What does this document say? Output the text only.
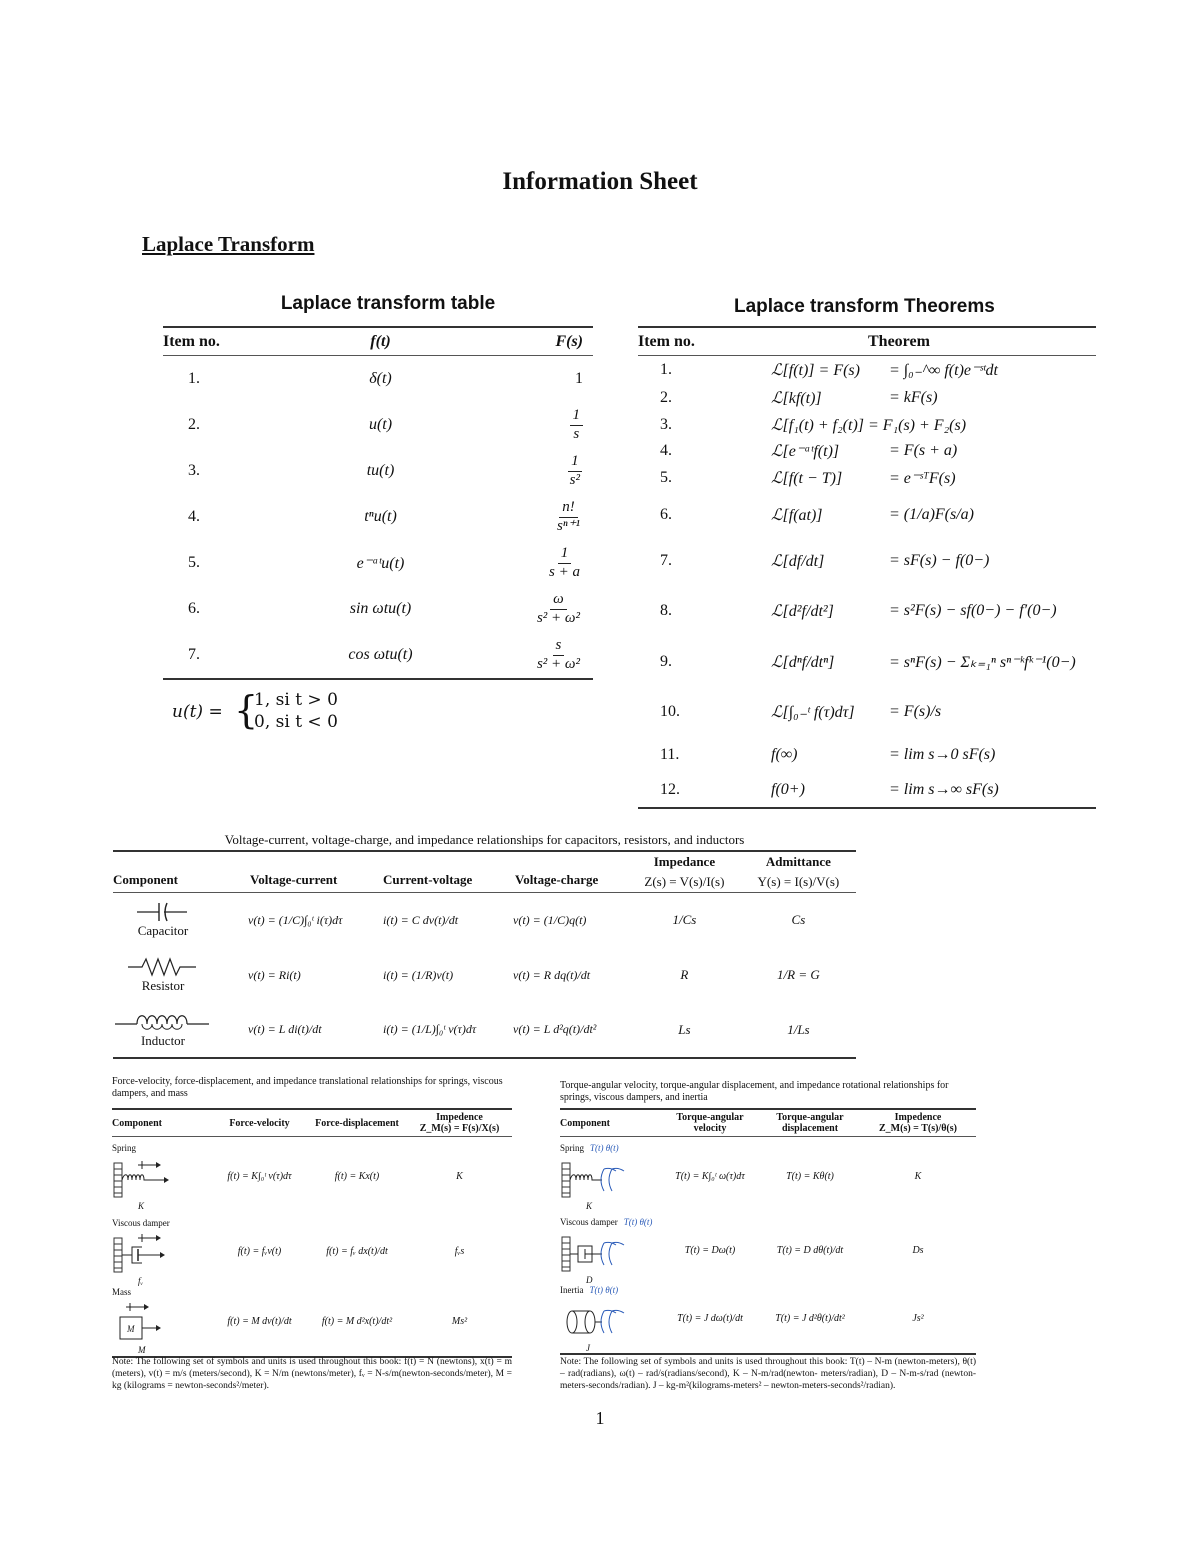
Information Sheet
Laplace Transform
Laplace transform table
Item no.	f(t)	F(s)
1.	δ(t)	1
2.	u(t)	$\frac{1}{s}$

3.	tu(t)	$\frac{1}{\text{s²}}$

4.	tⁿu(t)	$\frac{n!}{\text{sⁿ⁺¹}}$

5.	e⁻ᵃᵗu(t)	$\frac{1}{s + a}$

6.	sin ωtu(t)	$\frac{\omega}{\text{s² + ω²}}$

7.	cos ωtu(t)	$\frac{s}{\text{s² + ω²}}$
u(t) = {
1, si t > 0
0, si t < 0
Laplace transform Theorems
Item no.	Theorem	
1.	ℒ[f(t)] = F(s)	= ∫₀₋^∞ f(t)e⁻ˢᵗdt
2.	ℒ[kf(t)]	= kF(s)
3.	ℒ[f₁(t) + f₂(t)] = F₁(s) + F₂(s)	
4.	ℒ[e⁻ᵃᵗf(t)]	= F(s + a)
5.	ℒ[f(t − T)]	= e⁻ˢᵀF(s)
6.	ℒ[f(at)]	= (1/a)F(s/a)
7.	ℒ[df/dt]	= sF(s) − f(0−)
8.	ℒ[d²f/dt²]	= s²F(s) − sf(0−) − f′(0−)
9.	ℒ[dⁿf/dtⁿ]	= sⁿF(s) − Σₖ₌₁ⁿ sⁿ⁻ᵏfᵏ⁻¹(0−)
10.	ℒ[∫₀₋ᵗ f(τ)dτ]	= F(s)/s
11.	f(∞)	= lim s→0 sF(s)
12.	f(0+)	= lim s→∞ sF(s)
Voltage-current, voltage-charge, and impedance relationships for capacitors, resistors, and inductors
				Impedance	Admittance
				Z(s) = V(s)/I(s)	Y(s) = I(s)/V(s)

Capacitor	v(t) = (1/C)∫₀ᵗ i(τ)dτ	i(t) = C dv(t)/dt	v(t) = (1/C)q(t)	1/Cs	Cs

Resistor	v(t) = Ri(t)	i(t) = (1/R)v(t)	v(t) = R dq(t)/dt	R	1/R = G

Inductor	v(t) = L di(t)/dt	i(t) = (1/L)∫₀ᵗ v(τ)dτ	v(t) = L d²q(t)/dt²	Ls	1/Ls
Component	Voltage-current	Current-voltage	Voltage-charge
Force-velocity, force-displacement, and impedance translational relationships for springs, viscous dampers, and mass
Component	Force-velocity	Force-displacement	Impedence
Z_M(s) = F(s)/X(s)

Spring
K	f(t) = K∫₀ᵗ v(τ)dτ	f(t) = Kx(t)	K

Viscous damper
fᵥ	f(t) = fᵥv(t)	f(t) = fᵥ dx(t)/dt	fᵥs

Mass
M
M	f(t) = M dv(t)/dt	f(t) = M d²x(t)/dt²	Ms²
Note: The following set of symbols and units is used throughout this book: f(t) = N (newtons), x(t) = m (meters), v(t) = m/s (meters/second), K = N/m (newtons/meter), fᵥ = N-s/m(newton-seconds/meter), M = kg (kilograms = newton-seconds²/meter).
Torque-angular velocity, torque-angular displacement, and impedance rotational relationships for springs, viscous dampers, and inertia
Component	Torque-angular velocity	Torque-angular displacement	Impedence
Z_M(s) = T(s)/θ(s)

Spring T(t) θ(t)
K	T(t) = K∫₀ᵗ ω(τ)dτ	T(t) = Kθ(t)	K

Viscous damper T(t) θ(t)
D	T(t) = Dω(t)	T(t) = D dθ(t)/dt	Ds

Inertia T(t) θ(t)
J	T(t) = J dω(t)/dt	T(t) = J d²θ(t)/dt²	Js²
Note: The following set of symbols and units is used throughout this book: T(t) – N-m (newton-meters), θ(t) – rad(radians), ω(t) – rad/s(radians/second), K – N-m/rad(newton- meters/radian), D – N-m-s/rad (newton- meters-seconds/radian). J – kg-m²(kilograms-meters² – newton-meters-seconds²/radian).
1
